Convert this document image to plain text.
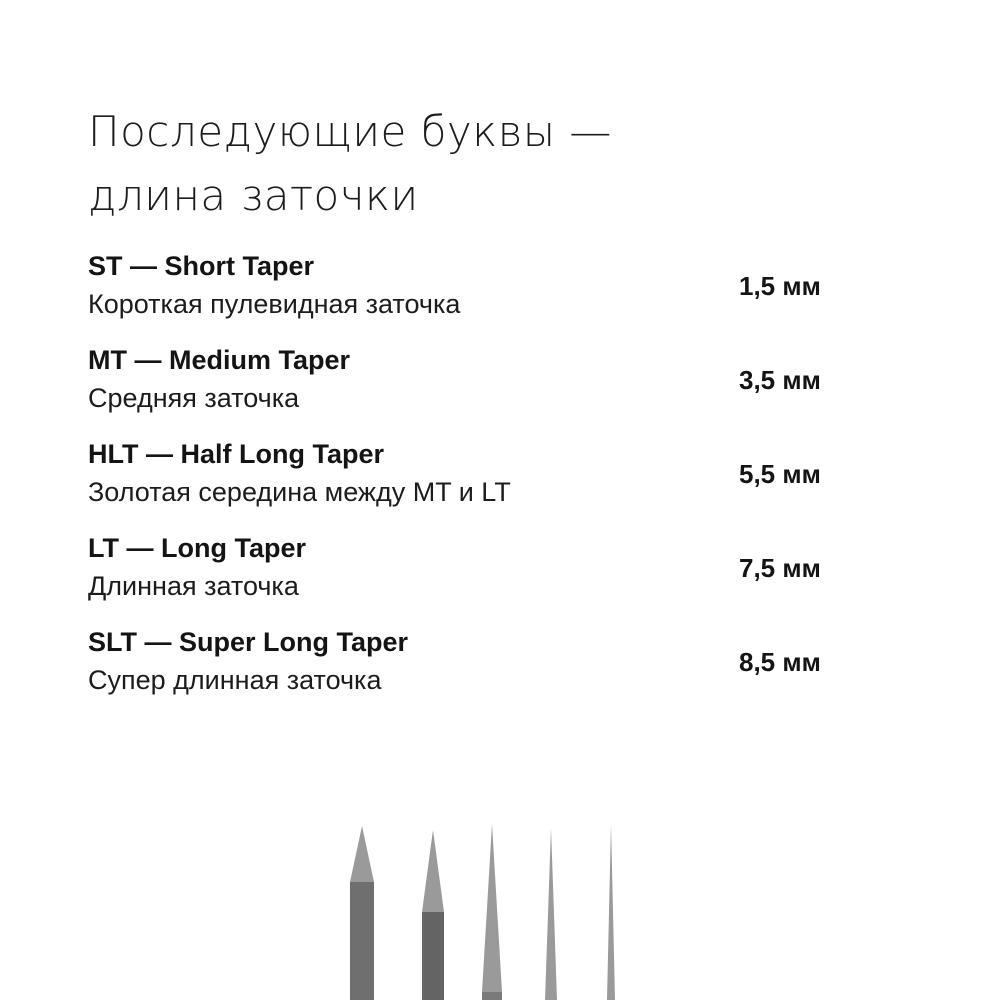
Последующие буквы —
длина заточки
ST — Short Taper
Короткая пулевидная заточка
1,5 мм
MT — Medium Taper
Средняя заточка
3,5 мм
HLT — Half Long Taper
Золотая середина между MT и LT
5,5 мм
LT — Long Taper
Длинная заточка
7,5 мм
SLT — Super Long Taper
Супер длинная заточка
8,5 мм
